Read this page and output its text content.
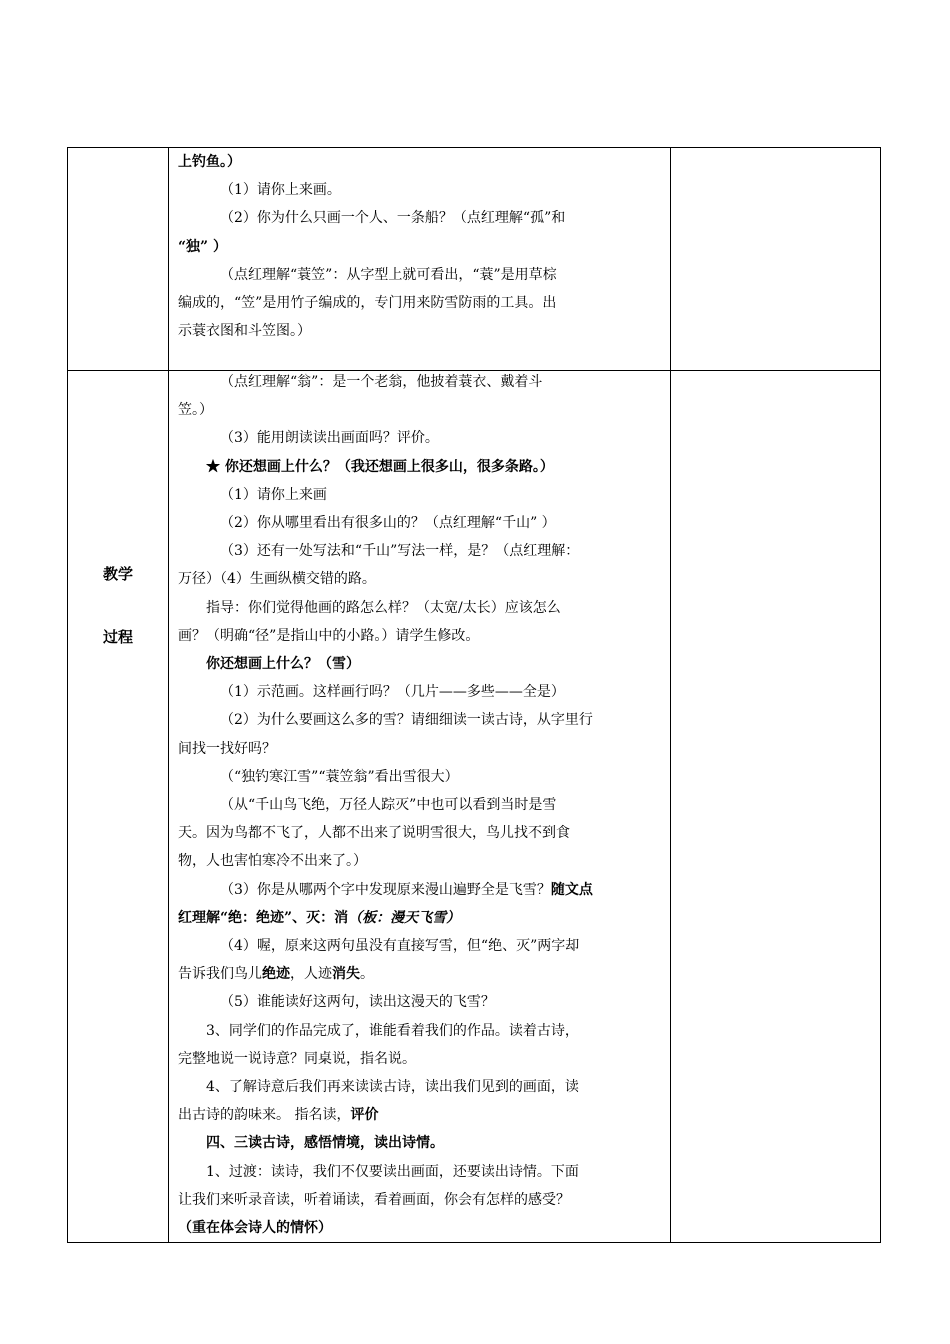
上钓鱼。）

（1）请你上来画。

（2）你为什么只画一个人、一条船？（点红理解“孤”和

“独” ）

（点红理解“蓑笠”：从字型上就可看出，“蓑”是用草棕

编成的，“笠”是用竹子编成的，专门用来防雪防雨的工具。出

示蓑衣图和斗笠图。）

教学
过程

（点红理解“翁”：是一个老翁，他披着蓑衣、戴着斗

笠。）

（3）能用朗读读出画面吗？评价。

★ 你还想画上什么？（我还想画上很多山，很多条路。）

（1）请你上来画

（2）你从哪里看出有很多山的？（点红理解“千山” ）

（3）还有一处写法和“千山”写法一样，是？（点红理解：

万径）（4）生画纵横交错的路。

指导：你们觉得他画的路怎么样？（太宽/太长）应该怎么

画？（明确“径”是指山中的小路。）请学生修改。

你还想画上什么？（雪）

（1）示范画。这样画行吗？（几片——多些——全是）

（2）为什么要画这么多的雪？请细细读一读古诗，从字里行

间找一找好吗？

（“独钓寒江雪”“蓑笠翁”看出雪很大）

（从“千山鸟飞绝，万径人踪灭”中也可以看到当时是雪

天。因为鸟都不飞了，人都不出来了说明雪很大，鸟儿找不到食

物，人也害怕寒冷不出来了。）

（3）你是从哪两个字中发现原来漫山遍野全是飞雪？随文点

红理解“绝：绝迹”、灭：消（板：漫天飞雪）

（4）喔，原来这两句虽没有直接写雪，但“绝、灭”两字却

告诉我们鸟儿绝迹，人迹消失。

（5）谁能读好这两句，读出这漫天的飞雪？

3、同学们的作品完成了，谁能看着我们的作品。读着古诗，

完整地说一说诗意？同桌说，指名说。

4、了解诗意后我们再来读读古诗，读出我们见到的画面，读

出古诗的韵味来。 指名读，评价

四、三读古诗，感悟情境，读出诗情。

1、过渡：读诗，我们不仅要读出画面，还要读出诗情。下面

让我们来听录音读，听着诵读，看着画面，你会有怎样的感受？

（重在体会诗人的情怀）
